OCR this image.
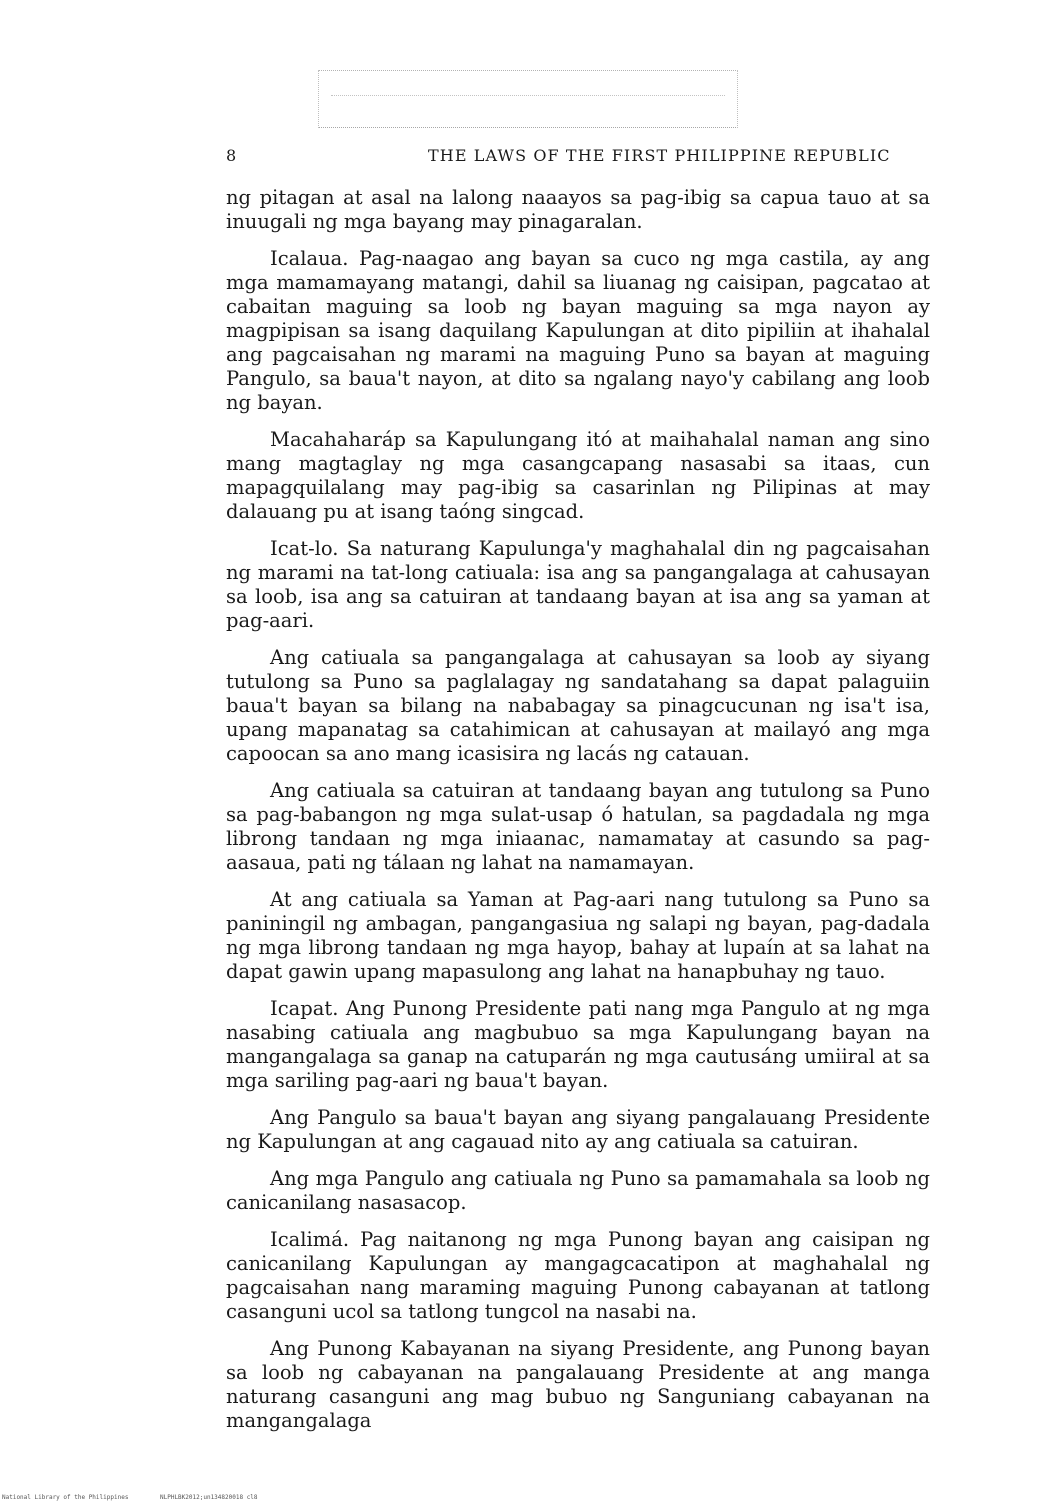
8	THE LAWS OF THE FIRST PHILIPPINE REPUBLIC

ng pitagan at asal na lalong naaayos sa pag-ibig sa capua tauo at sa inuugali ng mga bayang may pinagaralan.

Icalaua. Pag-naagao ang bayan sa cuco ng mga castila, ay ang mga mamamayang matangi, dahil sa liuanag ng caisipan, pagcatao at cabaitan maguing sa loob ng bayan maguing sa mga nayon ay magpipisan sa isang daquilang Kapulungan at dito pipiliin at ihahalal ang pagcaisahan ng marami na maguing Puno sa bayan at maguing Pangulo, sa baua't nayon, at dito sa ngalang nayo'y cabilang ang loob ng bayan.

Macahaharáp sa Kapulungang itó at maihahalal naman ang sino mang magtaglay ng mga casangcapang nasasabi sa itaas, cun mapagquilalang may pag-ibig sa casarinlan ng Pilipinas at may dalauang pu at isang taóng singcad.

Icat-lo. Sa naturang Kapulunga'y maghahalal din ng pagcaisahan ng marami na tat-long catiuala: isa ang sa pangangalaga at cahusayan sa loob, isa ang sa catuiran at tandaang bayan at isa ang sa yaman at pag-aari.

Ang catiuala sa pangangalaga at cahusayan sa loob ay siyang tutulong sa Puno sa paglalagay ng sandatahang sa dapat palaguiin baua't bayan sa bilang na nababagay sa pinagcucunan ng isa't isa, upang mapanatag sa catahimican at cahusayan at mailayó ang mga capoocan sa ano mang icasisira ng lacás ng catauan.

Ang catiuala sa catuiran at tandaang bayan ang tutulong sa Puno sa pag-babangon ng mga sulat-usap ó hatulan, sa pagdadala ng mga librong tandaan ng mga iniaanac, namamatay at casundo sa pag-aasaua, pati ng tálaan ng lahat na namamayan.

At ang catiuala sa Yaman at Pag-aari nang tutulong sa Puno sa paniningil ng ambagan, pangangasiua ng salapi ng bayan, pag-dadala ng mga librong tandaan ng mga hayop, bahay at lupaín at sa lahat na dapat gawin upang mapasulong ang lahat na hanapbuhay ng tauo.

Icapat. Ang Punong Presidente pati nang mga Pangulo at ng mga nasabing catiuala ang magbubuo sa mga Kapulungang bayan na mangangalaga sa ganap na catuparán ng mga cautusáng umiiral at sa mga sariling pag-aari ng baua't bayan.

Ang Pangulo sa baua't bayan ang siyang pangalauang Presidente ng Kapulungan at ang cagauad nito ay ang catiuala sa catuiran.

Ang mga Pangulo ang catiuala ng Puno sa pamamahala sa loob ng canicanilang nasasacop.

Icalimá. Pag naitanong ng mga Punong bayan ang caisipan ng canicanilang Kapulungan ay mangagcacatipon at maghahalal ng pagcaisahan nang maraming maguing Punong cabayanan at tatlong casanguni ucol sa tatlong tungcol na nasabi na.

Ang Punong Kabayanan na siyang Presidente, ang Punong bayan sa loob ng cabayanan na pangalauang Presidente at ang manga naturang casanguni ang mag bubuo ng Sanguniang cabayanan na mangangalaga

National Library of the Philippines	NLPHLBK2012;un134820018 cl8
